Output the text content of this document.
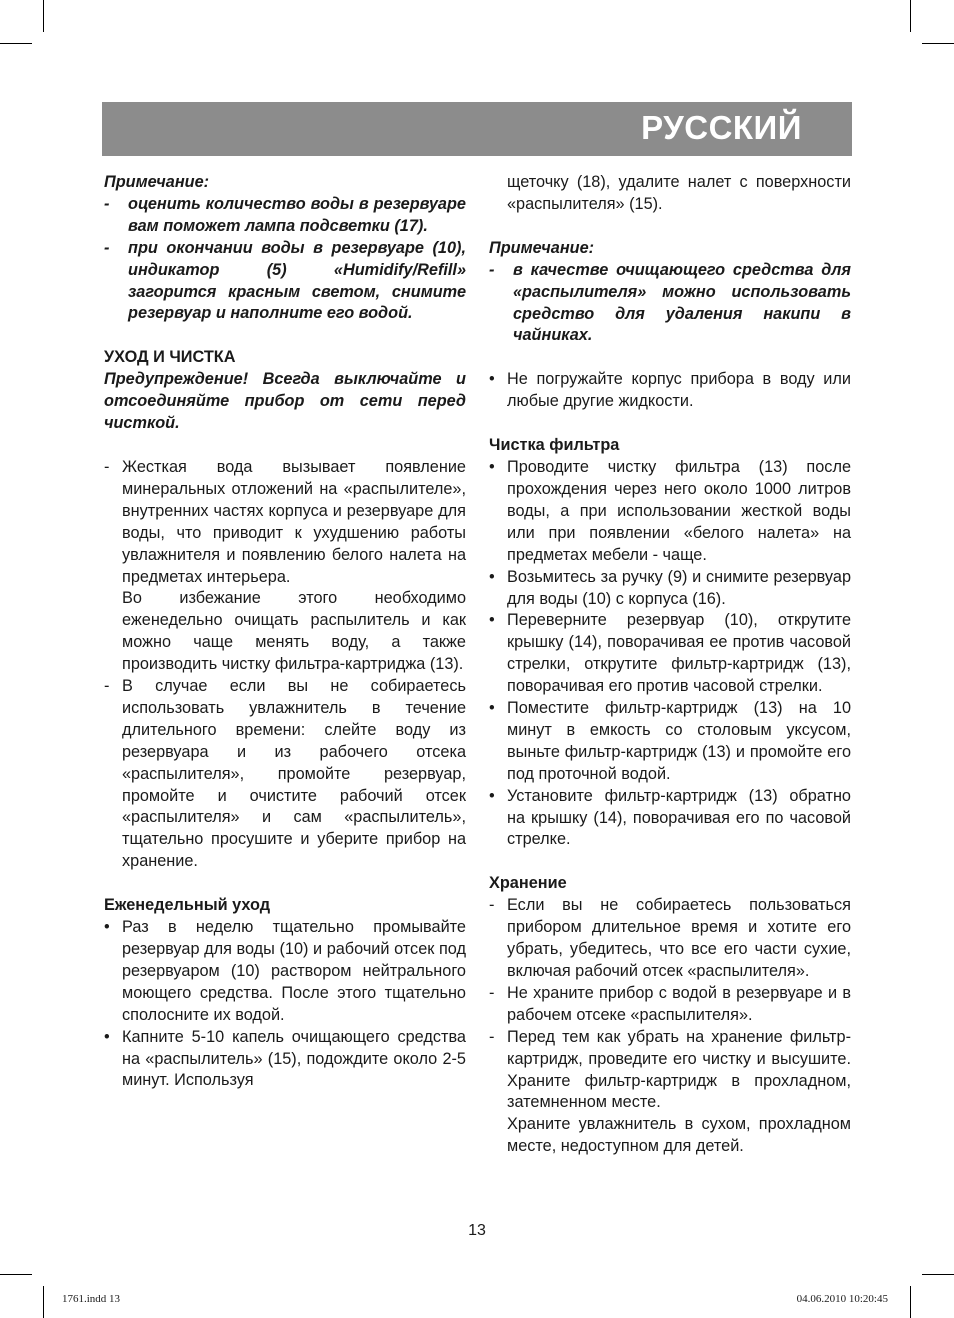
РУССКИЙ
Примечание:
- оценить количество воды в резервуаре вам поможет лампа подсветки (17).
- при окончании воды в резервуаре (10), индикатор (5) «Humidify/Refill» загорится красным светом, снимите резервуар и наполните его водой.
УХОД И ЧИСТКА
Предупреждение! Всегда выключайте и отсоединяйте прибор от сети перед чисткой.
- Жесткая вода вызывает появление минеральных отложений на «распылителе», внутренних частях корпуса и резервуаре для воды, что приводит к ухудшению работы увлажнителя и появлению белого налета на предметах интерьера.
Во избежание этого необходимо еженедельно очищать распылитель и как можно чаще менять воду, а также производить чистку фильтра-картриджа (13).
- В случае если вы не собираетесь использовать увлажнитель в течение длительного времени: слейте воду из резервуара и из рабочего отсека «распылителя», промойте резервуар, промойте и очистите рабочий отсек «распылителя» и сам «распылитель», тщательно просушите и уберите прибор на хранение.
Еженедельный уход
• Раз в неделю тщательно промывайте резервуар для воды (10) и рабочий отсек под резервуаром (10) раствором нейтрального моющего средства. После этого тщательно сполосните их водой.
• Капните 5-10 капель очищающего средства на «распылитель» (15), подождите около 2-5 минут. Используя
щеточку (18), удалите налет с поверхности «распылителя» (15).
Примечание:
- в качестве очищающего средства для «распылителя» можно использовать средство для удаления накипи в чайниках.
• Не погружайте корпус прибора в воду или любые другие жидкости.
Чистка фильтра
• Проводите чистку фильтра (13) после прохождения через него около 1000 литров воды, а при использовании жесткой воды или при появлении «белого налета» на предметах мебели - чаще.
• Возьмитесь за ручку (9) и снимите резервуар для воды (10) с корпуса (16).
• Переверните резервуар (10), открутите крышку (14), поворачивая ее против часовой стрелки, открутите фильтр-картридж (13), поворачивая его против часовой стрелки.
• Поместите фильтр-картридж (13) на 10 минут в емкость со столовым уксусом, выньте фильтр-картридж (13) и промойте его под проточной водой.
• Установите фильтр-картридж (13) обратно на крышку (14), поворачивая его по часовой стрелке.
Хранение
- Если вы не собираетесь пользоваться прибором длительное время и хотите его убрать, убедитесь, что все его части сухие, включая рабочий отсек «распылителя».
- Не храните прибор с водой в резервуаре и в рабочем отсеке «распылителя».
- Перед тем как убрать на хранение фильтр-картридж, проведите его чистку и высушите. Храните фильтр-картридж в прохладном, затемненном месте.
Храните увлажнитель в сухом, прохладном месте, недоступном для детей.
13
1761.indd 13	04.06.2010 10:20:45
